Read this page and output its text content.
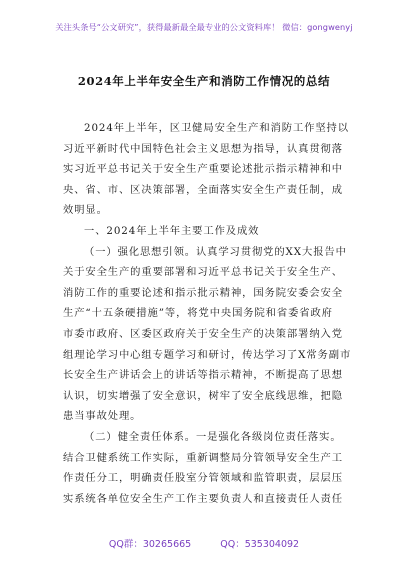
关注头条号“公文研究”，获得最新最全最专业的公文资料库！ 微信：gongwenyj
2024年上半年安全生产和消防工作情况的总结
2024年上半年，区卫健局安全生产和消防工作坚持以
习近平新时代中国特色社会主义思想为指导，认真贯彻落
实习近平总书记关于安全生产重要论述批示指示精神和中
央、省、市、区决策部署，全面落实安全生产责任制，成
效明显。
一、2024年上半年主要工作及成效
（一）强化思想引领。认真学习贯彻党的XX大报告中
关于安全生产的重要部署和习近平总书记关于安全生产、
消防工作的重要论述和指示批示精神，国务院安委会安全
生产“十五条硬措施”等，将党中央国务院和省委省政府
市委市政府、区委区政府关于安全生产的决策部署纳入党
组理论学习中心组专题学习和研讨，传达学习了X常务副市
长安全生产讲话会上的讲话等指示精神，不断提高了思想
认识，切实增强了安全意识，树牢了安全底线思维，把隐
患当事故处理。
（二）健全责任体系。一是强化各级岗位责任落实。
结合卫健系统工作实际，重新调整局分管领导安全生产工
作责任分工，明确责任股室分管领域和监管职责，层层压
实系统各单位安全生产工作主要负责人和直接责任人责任
QQ群：30265665	QQ：535304092
